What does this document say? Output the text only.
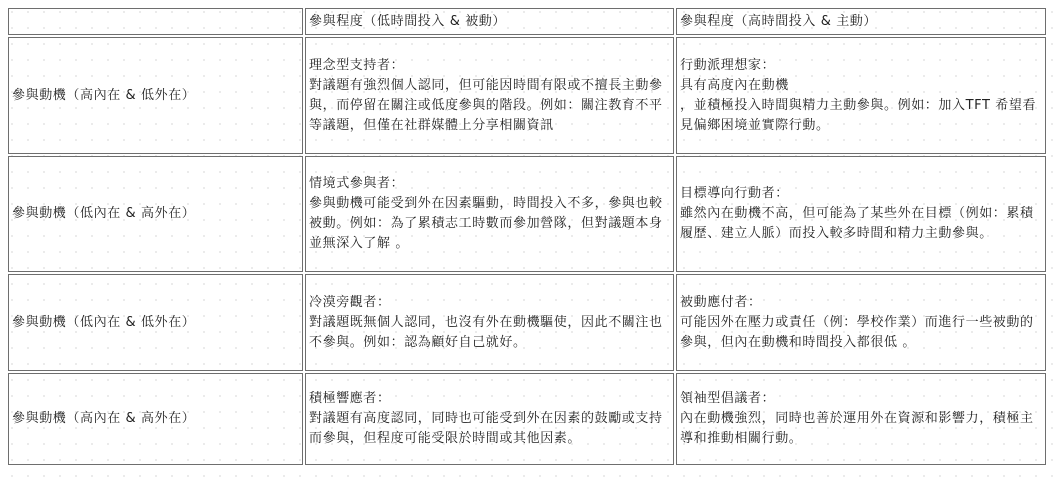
	參與程度（低時間投入 & 被動）	參與程度（高時間投入 & 主動）
參與動機（高內在 & 低外在）	理念型支持者：
對議題有強烈個人認同，但可能因時間有限或不擅長主動參與，而停留在關注或低度參與的階段。例如：關注教育不平等議題，但僅在社群媒體上分享相關資訊	行動派理想家：
具有高度內在動機
，並積極投入時間與精力主動參與。例如：加入TFT 希望看見偏鄉困境並實際行動。

參與動機（低內在 & 高外在）	情境式參與者：
參與動機可能受到外在因素驅動，時間投入不多，參與也較被動。例如：為了累積志工時數而參加營隊，但對議題本身並無深入了解 。	目標導向行動者：
雖然內在動機不高，但可能為了某些外在目標（例如：累積履歷、建立人脈）而投入較多時間和精力主動參與。

參與動機（低內在 & 低外在）	冷漠旁觀者：
對議題既無個人認同，也沒有外在動機驅使，因此不關注也不參與。例如：認為顧好自己就好。	被動應付者：
可能因外在壓力或責任（例：學校作業）而進行一些被動的參與，但內在動機和時間投入都很低 。

參與動機（高內在 & 高外在）	積極響應者：
對議題有高度認同，同時也可能受到外在因素的鼓勵或支持而參與，但程度可能受限於時間或其他因素。	領袖型倡議者：
內在動機強烈，同時也善於運用外在資源和影響力，積極主導和推動相關行動。
